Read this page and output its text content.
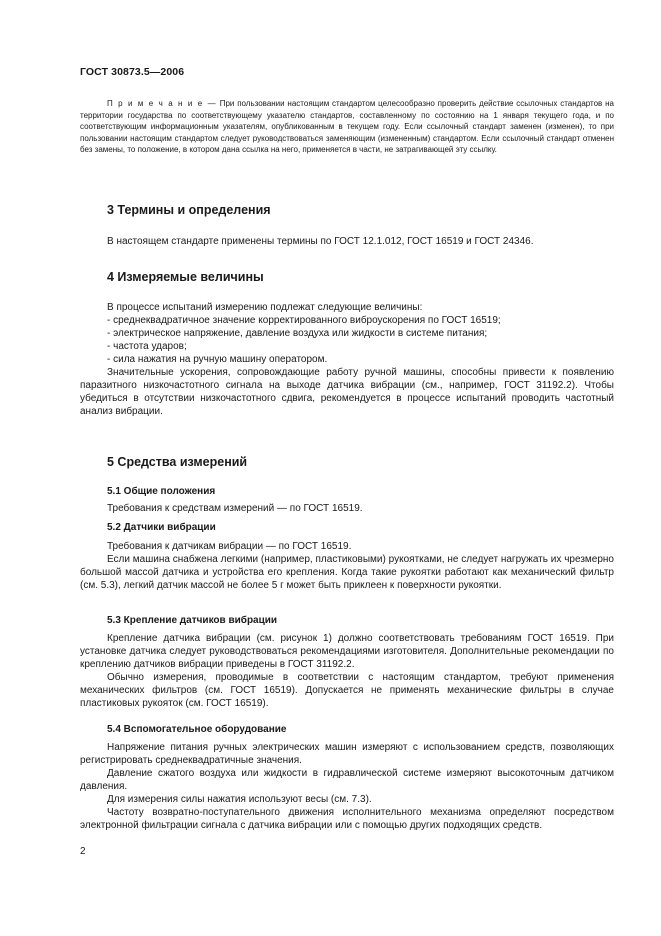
ГОСТ 30873.5—2006
П р и м е ч а н и е — При пользовании настоящим стандартом целесообразно проверить действие ссылочных стандартов на территории государства по соответствующему указателю стандартов, составленному по состоянию на 1 января текущего года, и по соответствующим информационным указателям, опубликованным в текущем году. Если ссылочный стандарт заменен (изменен), то при пользовании настоящим стандартом следует руководствоваться заменяющим (измененным) стандартом. Если ссылочный стандарт отменен без замены, то положение, в котором дана ссылка на него, применяется в части, не затрагивающей эту ссылку.
3 Термины и определения

В настоящем стандарте применены термины по ГОСТ 12.1.012, ГОСТ 16519 и ГОСТ 24346.

4 Измеряемые величины

В процессе испытаний измерению подлежат следующие величины:

- среднеквадратичное значение корректированного виброускорения по ГОСТ 16519;

- электрическое напряжение, давление воздуха или жидкости в системе питания;

- частота ударов;

- сила нажатия на ручную машину оператором.

Значительные ускорения, сопровождающие работу ручной машины, способны привести к появлению паразитного низкочастотного сигнала на выходе датчика вибрации (см., например, ГОСТ 31192.2). Чтобы убедиться в отсутствии низкочастотного сдвига, рекомендуется в процессе испытаний проводить частотный анализ вибрации.

5 Средства измерений
5.1 Общие положения

Требования к средствам измерений — по ГОСТ 16519.

5.2 Датчики вибрации

Требования к датчикам вибрации — по ГОСТ 16519.

Если машина снабжена легкими (например, пластиковыми) рукоятками, не следует нагружать их чрезмерно большой массой датчика и устройства его крепления. Когда такие рукоятки работают как механический фильтр (см. 5.3), легкий датчик массой не более 5 г может быть приклеен к поверхности рукоятки.

5.3 Крепление датчиков вибрации

Крепление датчика вибрации (см. рисунок 1) должно соответствовать требованиям ГОСТ 16519. При установке датчика следует руководствоваться рекомендациями изготовителя. Дополнительные рекомендации по креплению датчиков вибрации приведены в ГОСТ 31192.2.

Обычно измерения, проводимые в соответствии с настоящим стандартом, требуют применения механических фильтров (см. ГОСТ 16519). Допускается не применять механические фильтры в случае пластиковых рукояток (см. ГОСТ 16519).

5.4 Вспомогательное оборудование

Напряжение питания ручных электрических машин измеряют с использованием средств, позволяющих регистрировать среднеквадратичные значения.

Давление сжатого воздуха или жидкости в гидравлической системе измеряют высокоточным датчиком давления.

Для измерения силы нажатия используют весы (см. 7.3).

Частоту возвратно-поступательного движения исполнительного механизма определяют посредством электронной фильтрации сигнала с датчика вибрации или с помощью других подходящих средств.

2
